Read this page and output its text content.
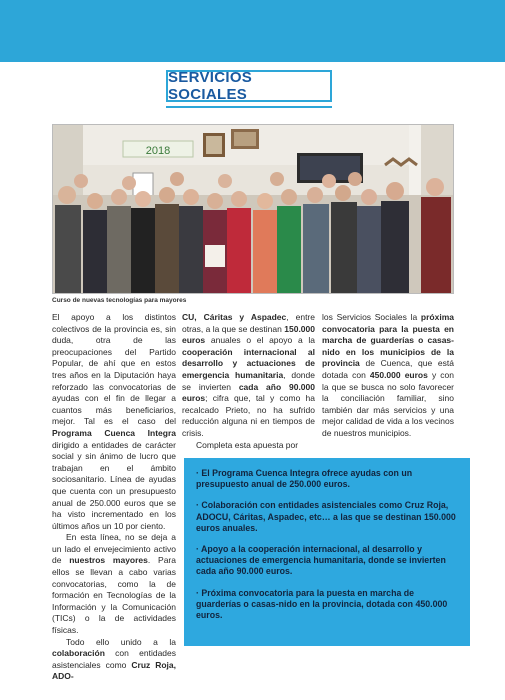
SERVICIOS SOCIALES
2018
Curso de nuevas tecnologías para mayores

El apoyo a los distintos colectivos de la provincia es, sin duda, otra de las preocupaciones del Partido Popular, de ahí que en estos tres años en la Diputación haya reforzado las convocatorias de ayudas con el fin de llegar a cuantos más beneficiarios, mejor. Tal es el caso del Programa Cuenca Integra dirigido a entidades de carácter social y sin ánimo de lucro que trabajan en el ámbito sociosanitario. Línea de ayudas que cuenta con un presupuesto anual de 250.000 euros que se ha visto incrementado en los últimos años un 10 por ciento.

En esta línea, no se deja a un lado el envejecimiento activo de nuestros mayores. Para ellos se llevan a cabo varias convocatorias, como la de formación en Tecnologías de la Información y la Comunicación (TICs) o la de actividades físicas.

Todo ello unido a la colaboración con entidades asistenciales como Cruz Roja, ADO-

CU, Cáritas y Aspadec, entre otras, a la que se destinan 150.000 euros anuales o el apoyo a la cooperación internacional al desarrollo y actuaciones de emergencia humanitaria, donde se invierten cada año 90.000 euros; cifra que, tal y como ha recalcado Prieto, no ha sufrido reducción alguna ni en tiempos de crisis.

Completa esta apuesta por

los Servicios Sociales la próxima convocatoria para la puesta en marcha de guarderías o casas-nido en los municipios de la provincia de Cuenca, que está dotada con 450.000 euros y con la que se busca no solo favorecer la conciliación familiar, sino también dar más servicios y una mejor calidad de vida a los vecinos de nuestros municipios.

· El Programa Cuenca Integra ofrece ayudas con un presupuesto anual de 250.000 euros.

· Colaboración con entidades asistenciales como Cruz Roja, ADOCU, Cáritas, Aspadec, etc… a las que se destinan 150.000 euros anuales.

· Apoyo a la cooperación internacional, al desarrollo y actuaciones de emergencia humanitaria, donde se invierten cada año 90.000 euros.

· Próxima convocatoria para la puesta en marcha de guarderías o casas-nido en la provincia, dotada con 450.000 euros.
